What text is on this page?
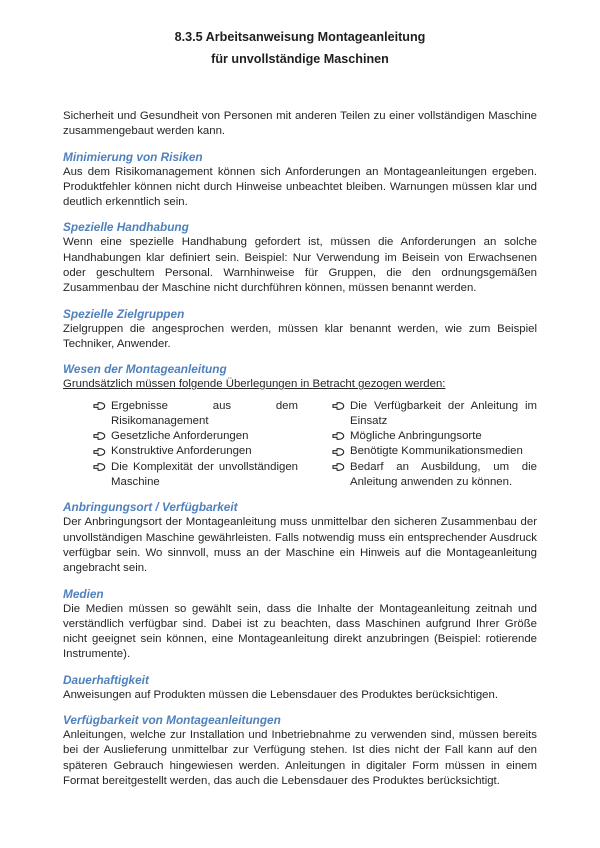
8.3.5 Arbeitsanweisung Montageanleitung
für unvollständige Maschinen

Sicherheit und Gesundheit von Personen mit anderen Teilen zu einer vollständigen Maschine zusammengebaut werden kann.

Minimierung von Risiken

Aus dem Risikomanagement können sich Anforderungen an Montageanleitungen ergeben. Produktfehler können nicht durch Hinweise unbeachtet bleiben. Warnungen müssen klar und deutlich erkenntlich sein.

Spezielle Handhabung

Wenn eine spezielle Handhabung gefordert ist, müssen die Anforderungen an solche Handhabungen klar definiert sein. Beispiel: Nur Verwendung im Beisein von Erwachsenen oder geschultem Personal. Warnhinweise für Gruppen, die den ordnungsgemäßen Zusammenbau der Maschine nicht durchführen können, müssen benannt werden.

Spezielle Zielgruppen

Zielgruppen die angesprochen werden, müssen klar benannt werden, wie zum Beispiel Techniker, Anwender.

Wesen der Montageanleitung

Grundsätzlich müssen folgende Überlegungen in Betracht gezogen werden:

Ergebnisse aus dem Risikomanagement
Gesetzliche Anforderungen
Konstruktive Anforderungen
Die Komplexität der unvollständigen Maschine
Die Verfügbarkeit der Anleitung im Einsatz
Mögliche Anbringungsorte
Benötigte Kommunikationsmedien
Bedarf an Ausbildung, um die Anleitung anwenden zu können.
Anbringungsort / Verfügbarkeit

Der Anbringungsort der Montageanleitung muss unmittelbar den sicheren Zusammenbau der unvollständigen Maschine gewährleisten. Falls notwendig muss ein entsprechender Ausdruck verfügbar sein. Wo sinnvoll, muss an der Maschine ein Hinweis auf die Montageanleitung angebracht sein.

Medien

Die Medien müssen so gewählt sein, dass die Inhalte der Montageanleitung zeitnah und verständlich verfügbar sind. Dabei ist zu beachten, dass Maschinen aufgrund Ihrer Größe nicht geeignet sein können, eine Montageanleitung direkt anzubringen (Beispiel: rotierende Instrumente).

Dauerhaftigkeit

Anweisungen auf Produkten müssen die Lebensdauer des Produktes berücksichtigen.

Verfügbarkeit von Montageanleitungen

Anleitungen, welche zur Installation und Inbetriebnahme zu verwenden sind, müssen bereits bei der Auslieferung unmittelbar zur Verfügung stehen. Ist dies nicht der Fall kann auf den späteren Gebrauch hingewiesen werden. Anleitungen in digitaler Form müssen in einem Format bereitgestellt werden, das auch die Lebensdauer des Produktes berücksichtigt.
